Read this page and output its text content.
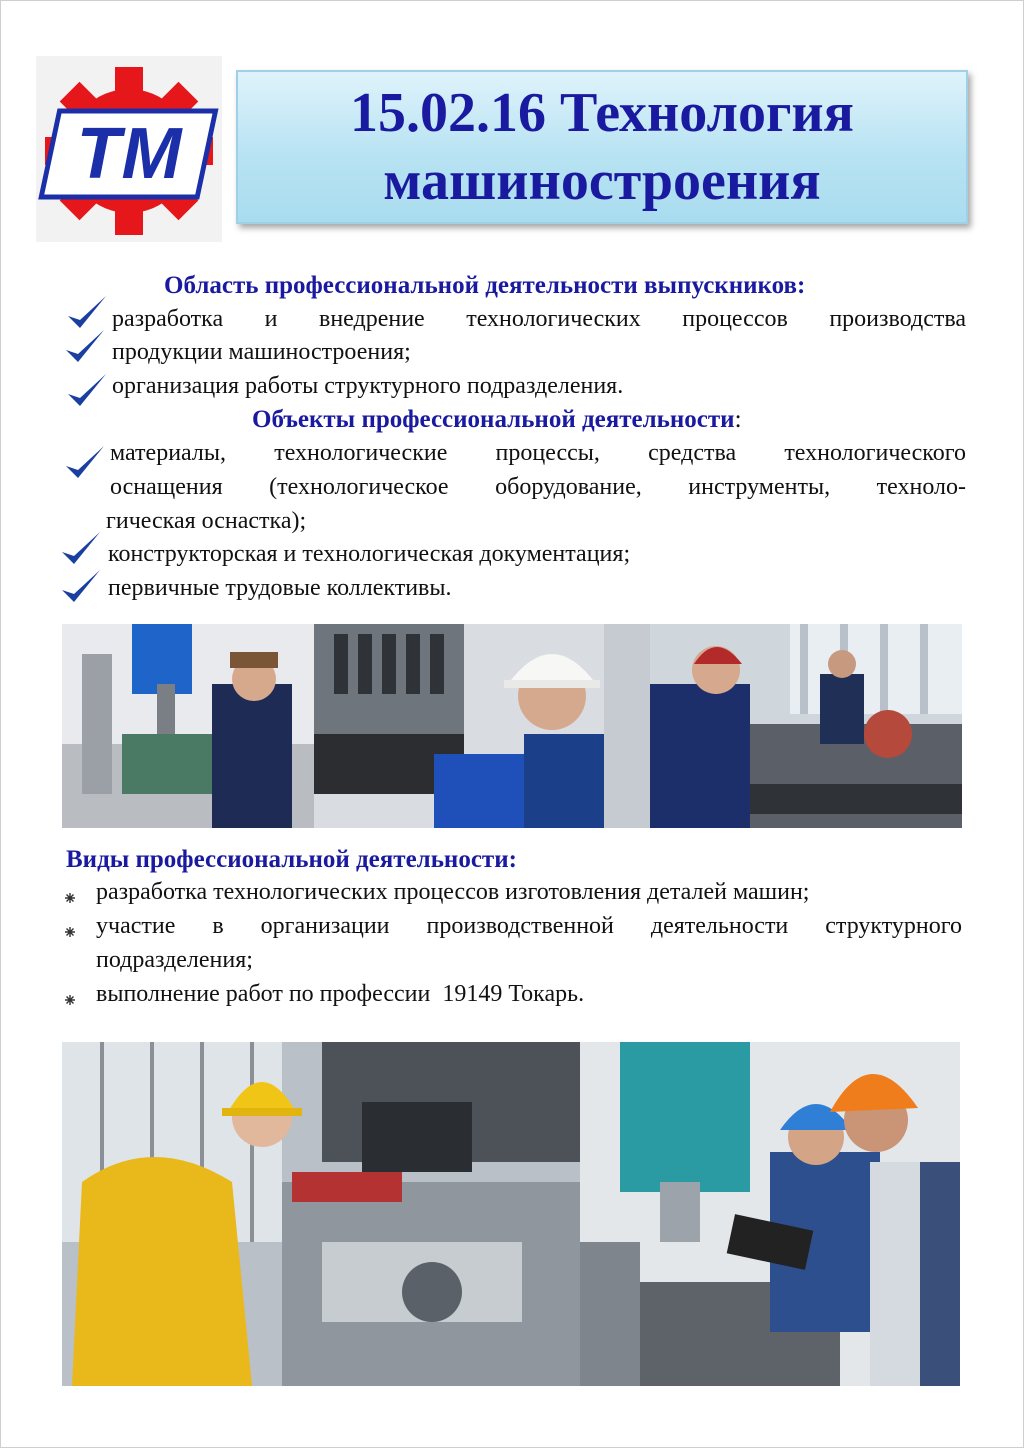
ТМ
15.02.16 Технология
машиностроения
Область профессиональной деятельности выпускников:
разработка и внедрение технологических процессов производства
продукции машиностроения;
организация работы структурного подразделения.
Объекты профессиональной деятельности:
материалы, технологические процессы, средства технологического
оснащения (технологическое оборудование, инструменты, техноло-
гическая оснастка);
конструкторская и технологическая документация;
первичные трудовые коллективы.
Виды профессиональной деятельности:
разработка технологических процессов изготовления деталей машин;
участие в организации производственной деятельности структурного
подразделения;
выполнение работ по профессии  19149 Токарь.
